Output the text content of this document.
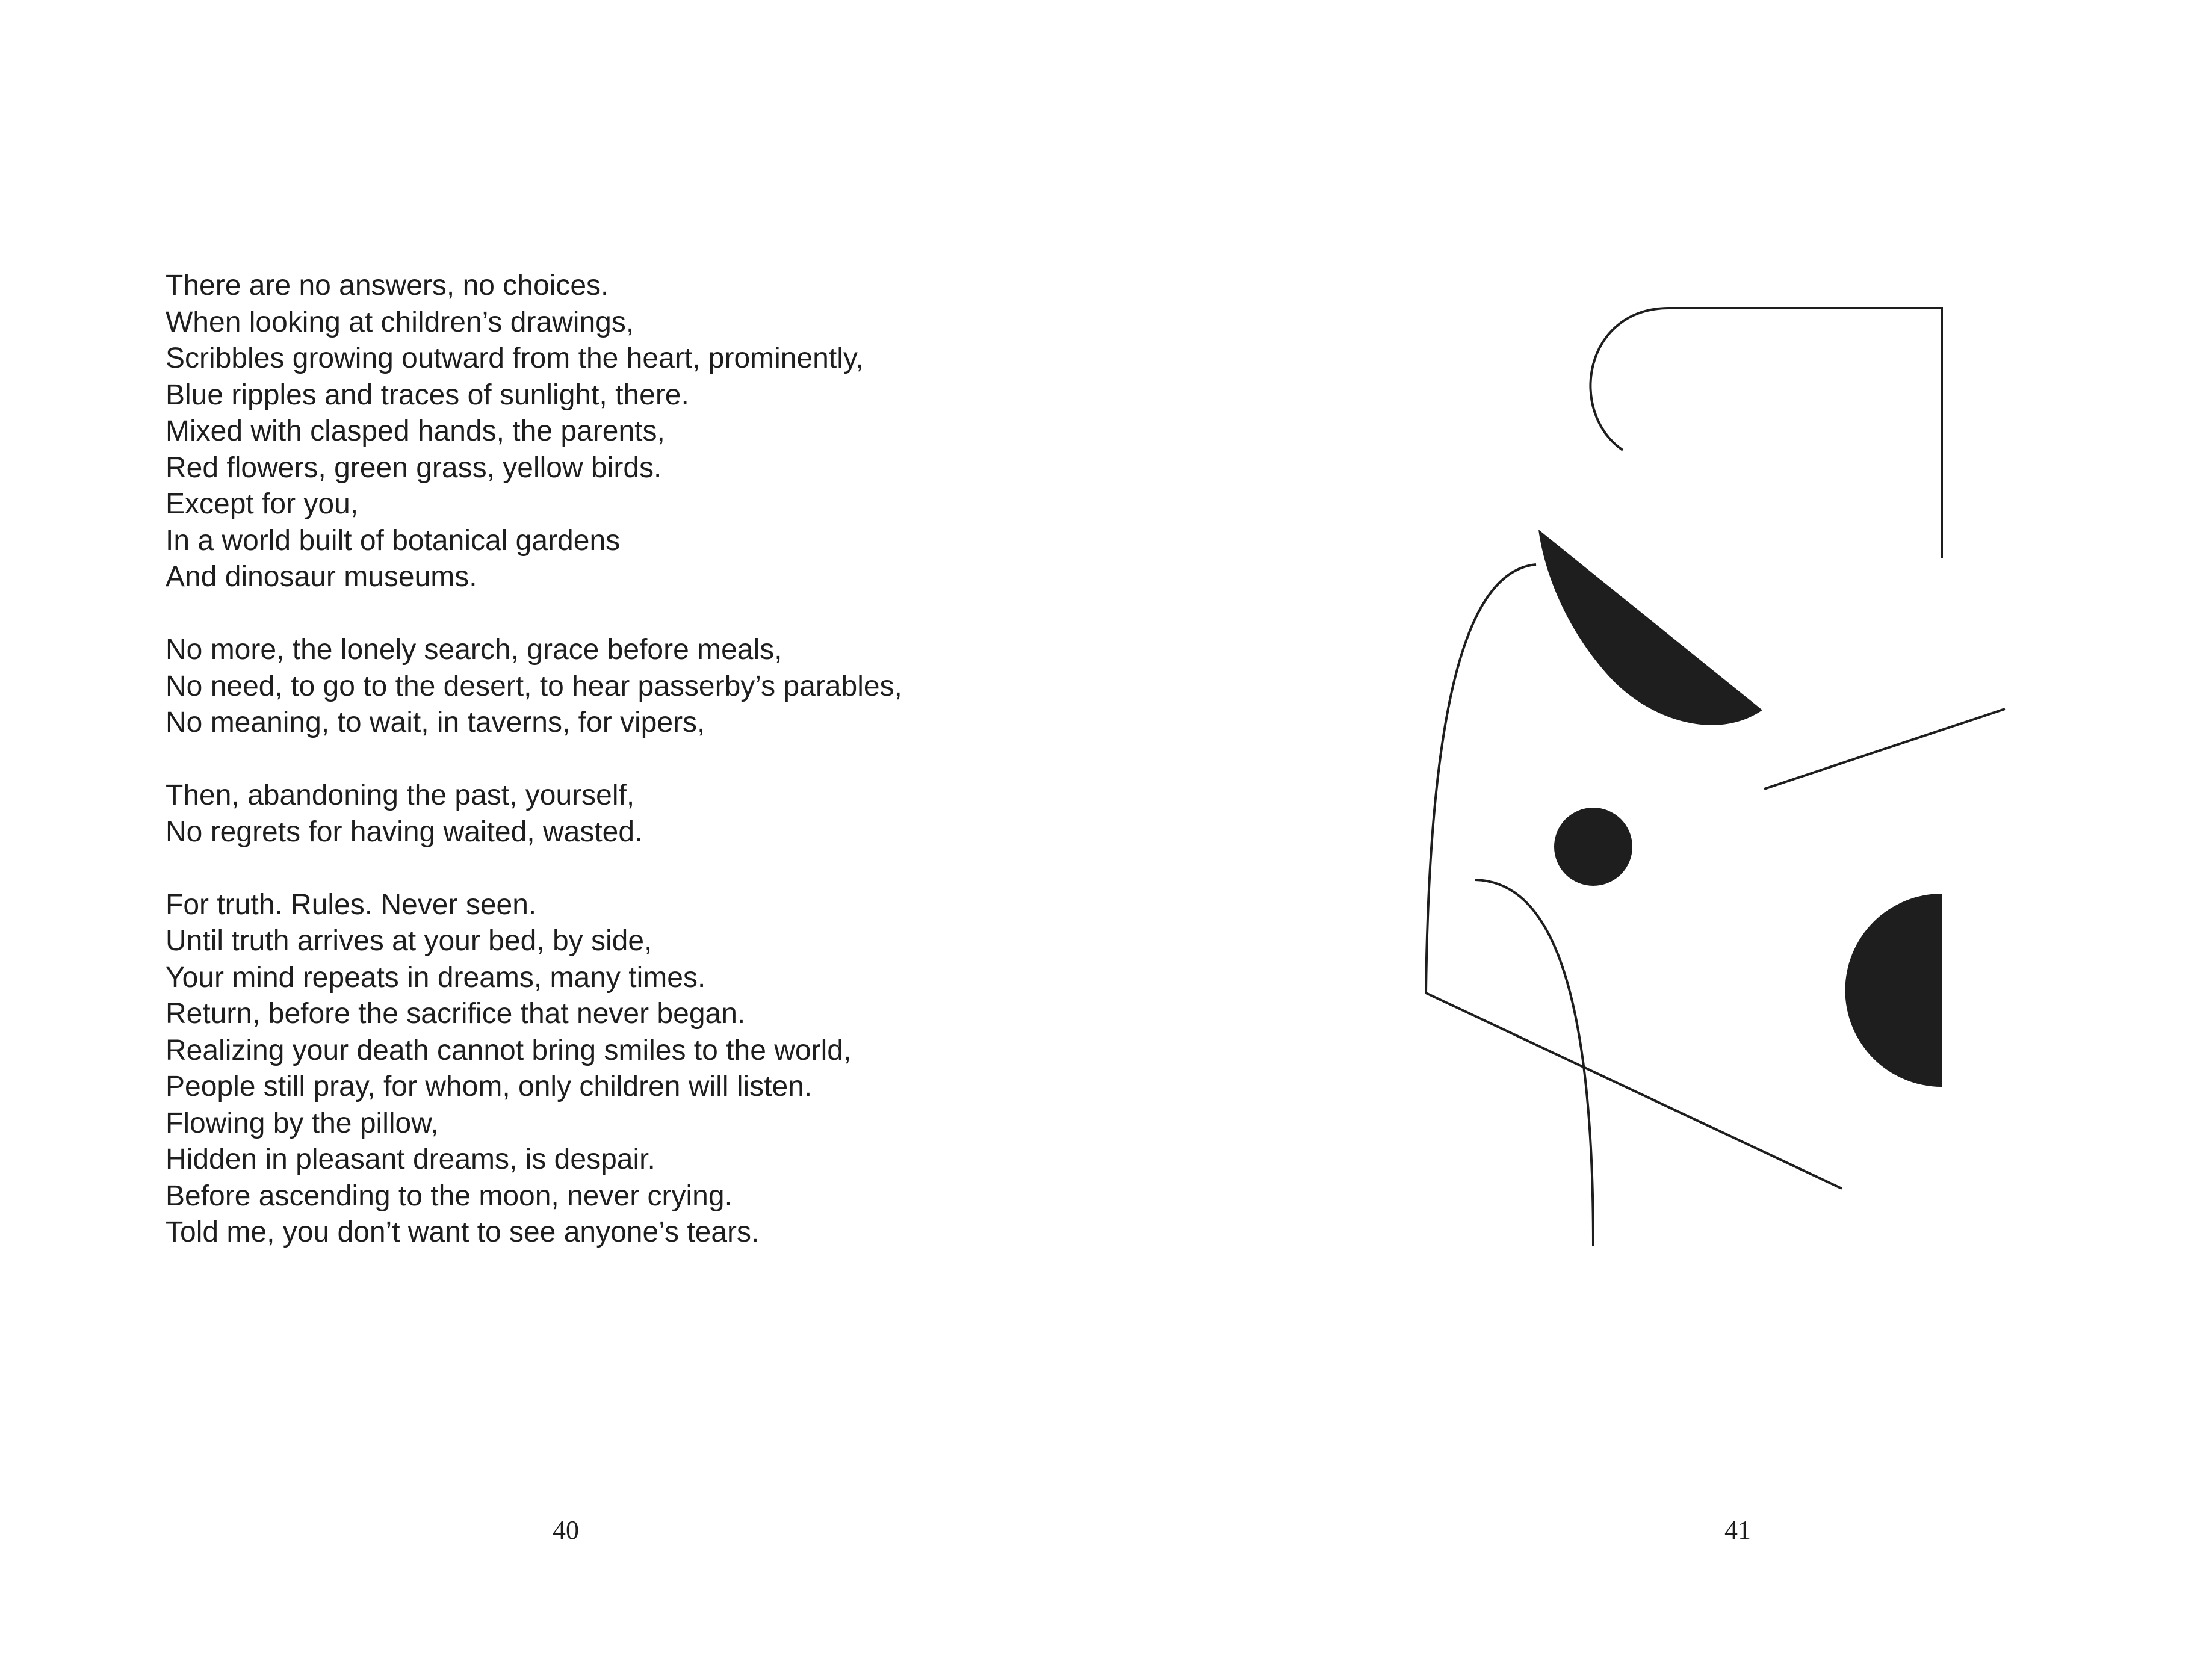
There are no answers, no choices.
When looking at children’s drawings,
Scribbles growing outward from the heart, prominently,
Blue ripples and traces of sunlight, there.
Mixed with clasped hands, the parents,
Red flowers, green grass, yellow birds.
Except for you,
In a world built of botanical gardens
And dinosaur museums.
No more, the lonely search, grace before meals,
No need, to go to the desert, to hear passerby’s parables,
No meaning, to wait, in taverns, for vipers,
Then, abandoning the past, yourself,
No regrets for having waited, wasted.
For truth. Rules. Never seen.
Until truth arrives at your bed, by side,
Your mind repeats in dreams, many times.
Return, before the sacrifice that never began.
Realizing your death cannot bring smiles to the world,
People still pray, for whom, only children will listen.
Flowing by the pillow,
Hidden in pleasant dreams, is despair.
Before ascending to the moon, never crying.
Told me, you don’t want to see anyone’s tears.
40	41
